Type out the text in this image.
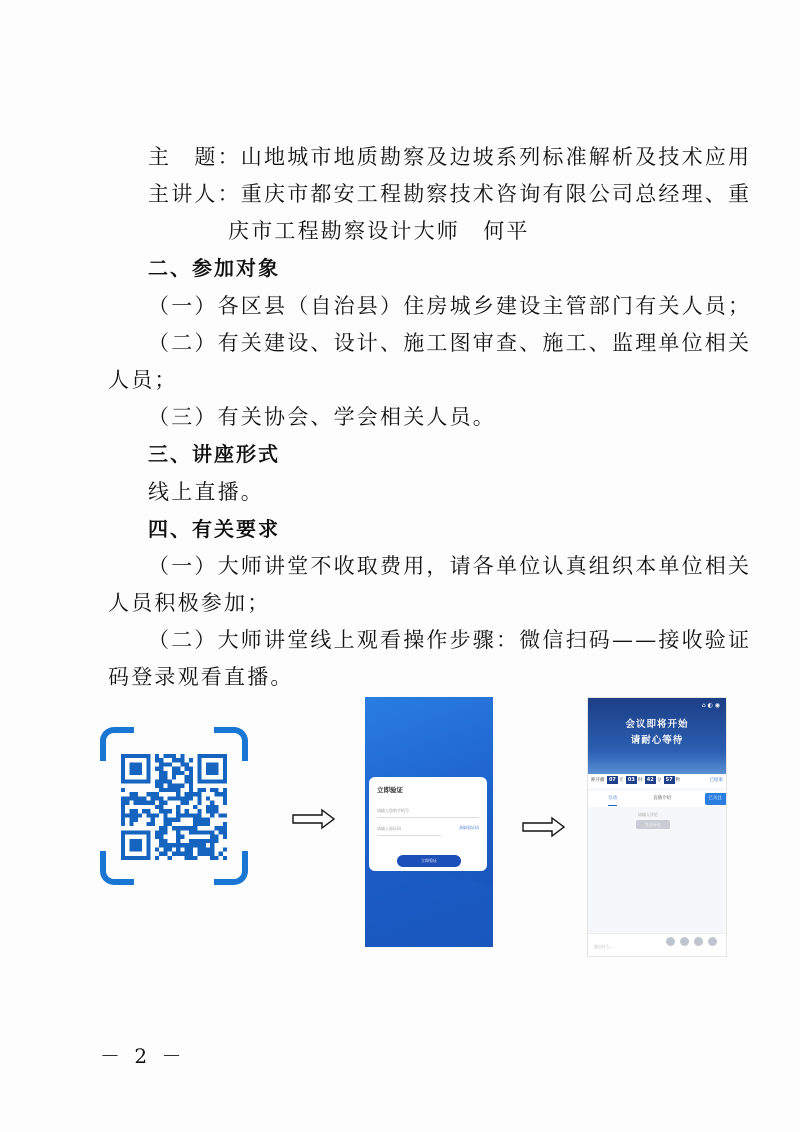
主　题：山地城市地质勘察及边坡系列标准解析及技术应用
主讲人：重庆市都安工程勘察技术咨询有限公司总经理、重
庆市工程勘察设计大师　何平
二、参加对象
（一）各区县（自治县）住房城乡建设主管部门有关人员；
（二）有关建设、设计、施工图审查、施工、监理单位相关
人员；
（三）有关协会、学会相关人员。
三、讲座形式
线上直播。
四、有关要求
（一）大师讲堂不收取费用，请各单位认真组织本单位相关
人员积极参加；
（二）大师讲堂线上观看操作步骤：微信扫码——接收验证
码登录观看直播。
立即验证
请输入您的手机号
请输入验证码	获取验证码
立即验证
⌂ ◐ ◉
会议即将开始
请耐心等待
距开播 07 天 03 时 42 分 57 秒	已结束
互动	直播介绍	已关注
请输入评论
发送评论
说点什么…
－ 2 －
